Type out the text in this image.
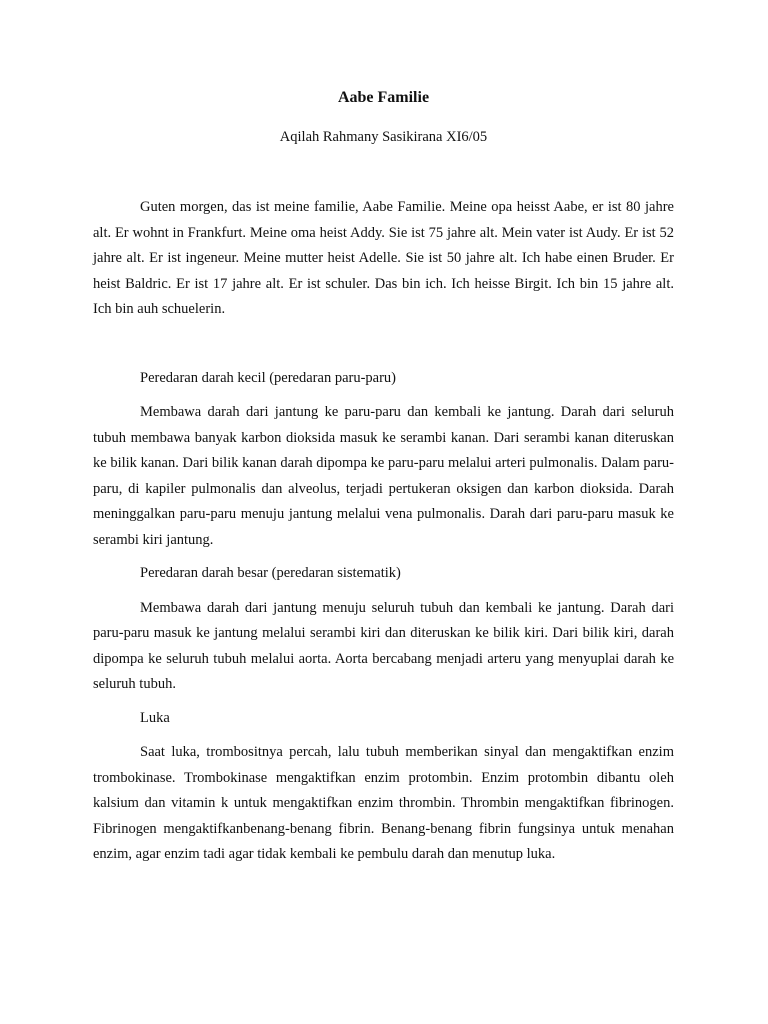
Aabe Familie

Aqilah Rahmany Sasikirana XI6/05

Guten morgen, das ist meine familie, Aabe Familie. Meine opa heisst Aabe, er ist 80 jahre alt. Er wohnt in Frankfurt. Meine oma heist Addy. Sie ist 75 jahre alt. Mein vater ist Audy. Er ist 52 jahre alt. Er ist ingeneur. Meine mutter heist Adelle. Sie ist 50 jahre alt. Ich habe einen Bruder. Er heist Baldric. Er ist 17 jahre alt. Er ist schuler. Das bin ich. Ich heisse Birgit. Ich bin 15 jahre alt. Ich bin auh schuelerin.

Peredaran darah kecil (peredaran paru-paru)

Membawa darah dari jantung ke paru-paru dan kembali ke jantung. Darah dari seluruh tubuh membawa banyak karbon dioksida masuk ke serambi kanan. Dari serambi kanan diteruskan ke bilik kanan. Dari bilik kanan darah dipompa ke paru-paru melalui arteri pulmonalis. Dalam paru-paru, di kapiler pulmonalis dan alveolus, terjadi pertukeran oksigen dan karbon dioksida. Darah meninggalkan paru-paru menuju jantung melalui vena pulmonalis. Darah dari paru-paru masuk ke serambi kiri jantung.

Peredaran darah besar (peredaran sistematik)

Membawa darah dari jantung menuju seluruh tubuh dan kembali ke jantung. Darah dari paru-paru masuk ke jantung melalui serambi kiri dan diteruskan ke bilik kiri. Dari bilik kiri, darah dipompa ke seluruh tubuh melalui aorta. Aorta bercabang menjadi arteru yang menyuplai darah ke seluruh tubuh.

Luka

Saat luka, trombositnya percah, lalu tubuh memberikan sinyal dan mengaktifkan enzim trombokinase. Trombokinase mengaktifkan enzim protombin. Enzim protombin dibantu oleh kalsium dan vitamin k untuk mengaktifkan enzim thrombin. Thrombin mengaktifkan fibrinogen. Fibrinogen mengaktifkanbenang-benang fibrin. Benang-benang fibrin fungsinya untuk menahan enzim, agar enzim tadi agar tidak kembali ke pembulu darah dan menutup luka.
